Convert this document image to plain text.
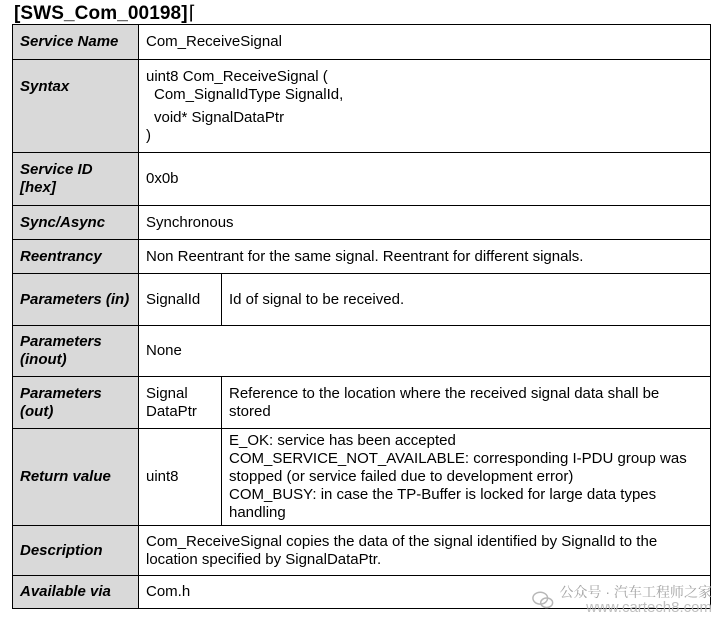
[SWS_Com_00198]⌈
Service Name	Com_ReceiveSignal	
Syntax	uint8 Com_ReceiveSignal (
Com_SignalIdType SignalId,
void* SignalDataPtr
)	

Service ID [hex]	0x0b	
Sync/Async	Synchronous	
Reentrancy	Non Reentrant for the same signal. Reentrant for different signals.	
Parameters (in)	SignalId	Id of signal to be received.
Parameters (inout)	None	
Parameters (out)	Signal DataPtr	Reference to the location where the received signal data shall be stored
Return value	uint8	E_OK: service has been accepted
COM_SERVICE_NOT_AVAILABLE: corresponding I-PDU group was stopped (or service failed due to development error)
COM_BUSY: in case the TP-Buffer is locked for large data types handling

Description	Com_ReceiveSignal copies the data of the signal identified by SignalId to the location specified by SignalDataPtr.	
Available via	Com.h		公众号 · 汽车工程师之家
www.cartech8.com
